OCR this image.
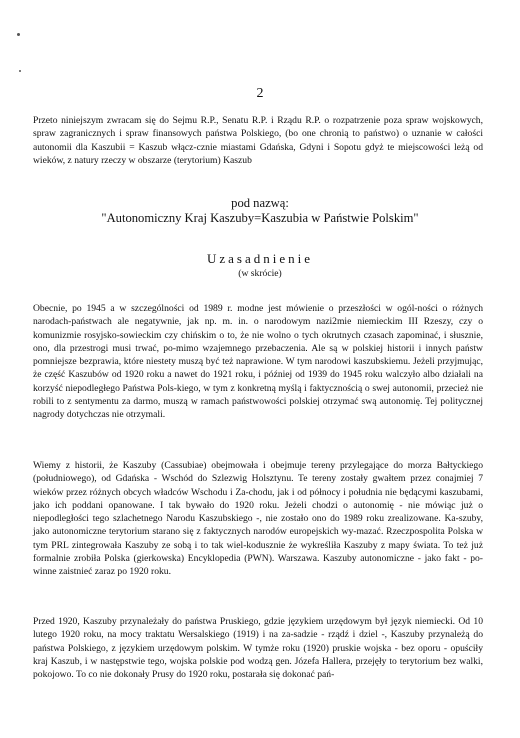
2

Przeto niniejszym zwracam się do Sejmu R.P., Senatu R.P. i Rządu R.P. o rozpatrzenie poza spraw wojskowych, spraw zagranicznych i spraw finansowych państwa Polskiego, (bo one chronią to państwo) o uznanie w całości autonomii dla Kaszubii = Kaszub włącz-cznie miastami Gdańska, Gdyni i Sopotu gdyż te miejscowości leżą od wieków, z natury rzeczy w obszarze (terytorium) Kaszub

pod nazwą:

"Autonomiczny Kraj Kaszuby=Kaszubia w Państwie Polskim"

Uzasadnienie

(w skrócie)

Obecnie, po 1945 a w szczególności od 1989 r. modne jest mówienie o przeszłości w ogól-ności o różnych narodach-państwach ale negatywnie, jak np. m. in. o narodowym nazi2mie niemieckim III Rzeszy, czy o komunizmie rosyjsko-sowieckim czy chińskim o to, że nie wolno o tych okrutnych czasach zapominać, i słusznie, ono, dla przestrogi musi trwać, po-mimo wzajemnego przebaczenia. Ale są w polskiej historii i innych państw pomniejsze bezprawia, które niestety muszą być też naprawione. W tym narodowi kaszubskiemu. Jeżeli przyjmując, że część Kaszubów od 1920 roku a nawet do 1921 roku, i później od 1939 do 1945 roku walczyło albo działali na korzyść niepodległego Państwa Pols-kiego, w tym z konkretną myślą i faktycznością o swej autonomii, przecież nie robili to z sentymentu za darmo, muszą w ramach państwowości polskiej otrzymać swą autonomię. Tej politycznej nagrody dotychczas nie otrzymali.

Wiemy z historii, że Kaszuby (Cassubiae) obejmowała i obejmuje tereny przylegające do morza Bałtyckiego (południowego), od Gdańska - Wschód do Szlezwig Holsztynu. Te tereny zostały gwałtem przez conajmiej 7 wieków przez różnych obcych władców Wschodu i Za-chodu, jak i od północy i południa nie będącymi kaszubami, jako ich poddani opanowane. I tak bywało do 1920 roku. Jeżeli chodzi o autonomię - nie mówiąc już o niepodległości tego szlachetnego Narodu Kaszubskiego -, nie zostało ono do 1989 roku zrealizowane. Ka-szuby, jako autonomiczne terytorium starano się z faktycznych narodów europejskich wy-mazać. Rzeczpospolita Polska w tym PRL zintegrowała Kaszuby ze sobą i to tak wiel-kodusznie że wykreśliła Kaszuby z mapy świata. To też już formalnie zrobiła Polska (gierkowska) Encyklopedia (PWN). Warszawa. Kaszuby autonomiczne - jako fakt - po-winne zaistnieć zaraz po 1920 roku.

Przed 1920, Kaszuby przynależały do państwa Pruskiego, gdzie językiem urzędowym był język niemiecki. Od 10 lutego 1920 roku, na mocy traktatu Wersalskiego (1919) i na za-sadzie - rządź i dziel -, Kaszuby przynależą do państwa Polskiego, z językiem urzędowym polskim. W tymże roku (1920) pruskie wojska - bez oporu - opuściły kraj Kaszub, i w następstwie tego, wojska polskie pod wodzą gen. Józefa Hallera, przejęły to terytorium bez walki, pokojowo. To co nie dokonały Prusy do 1920 roku, postarała się dokonać pań-
